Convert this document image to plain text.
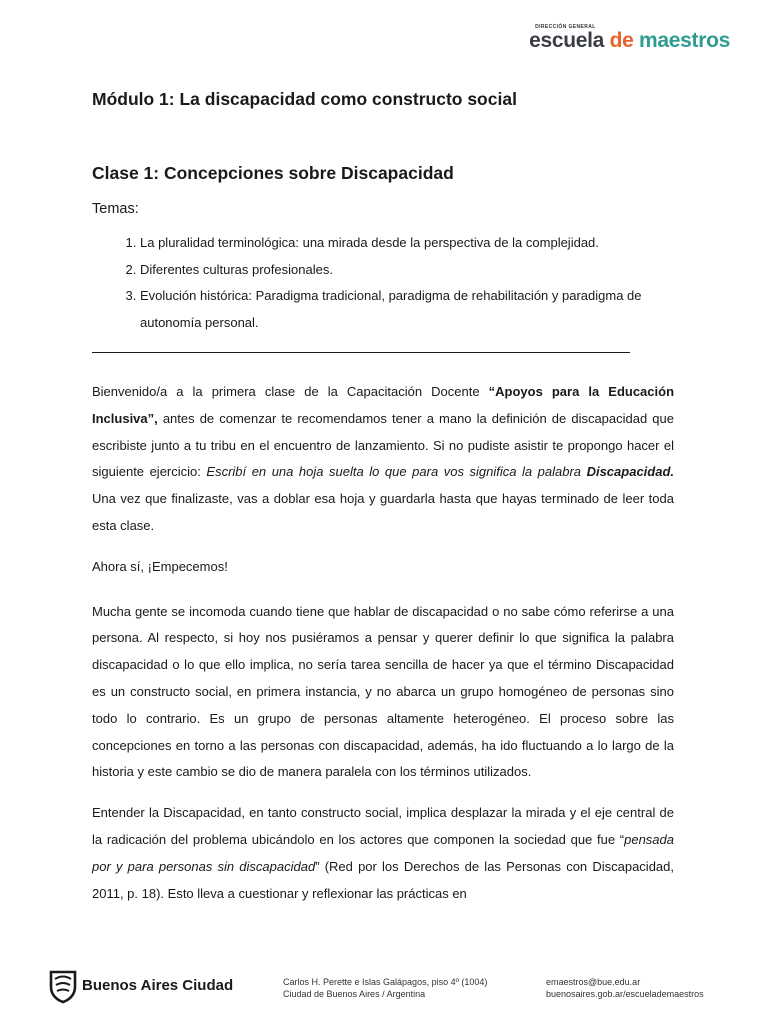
DIRECCIÓN GENERAL
escuela de maestros
Módulo 1: La discapacidad como constructo social
Clase 1: Concepciones sobre Discapacidad
Temas:
1. La pluralidad terminológica: una mirada desde la perspectiva de la complejidad.
2. Diferentes culturas profesionales.
3. Evolución histórica: Paradigma tradicional, paradigma de rehabilitación y paradigma de autonomía personal.

Bienvenido/a a la primera clase de la Capacitación Docente “Apoyos para la Educación Inclusiva”, antes de comenzar te recomendamos tener a mano la definición de discapacidad que escribiste junto a tu tribu en el encuentro de lanzamiento. Si no pudiste asistir te propongo hacer el siguiente ejercicio: Escribí en una hoja suelta lo que para vos significa la palabra Discapacidad. Una vez que finalizaste, vas a doblar esa hoja y guardarla hasta que hayas terminado de leer toda esta clase.

Ahora sí, ¡Empecemos!

Mucha gente se incomoda cuando tiene que hablar de discapacidad o no sabe cómo referirse a una persona. Al respecto, si hoy nos pusiéramos a pensar y querer definir lo que significa la palabra discapacidad o lo que ello implica, no sería tarea sencilla de hacer ya que el término Discapacidad es un constructo social, en primera instancia, y no abarca un grupo homogéneo de personas sino todo lo contrario. Es un grupo de personas altamente heterogéneo. El proceso sobre las concepciones en torno a las personas con discapacidad, además, ha ido fluctuando a lo largo de la historia y este cambio se dio de manera paralela con los términos utilizados.

Entender la Discapacidad, en tanto constructo social, implica desplazar la mirada y el eje central de la radicación del problema ubicándolo en los actores que componen la sociedad que fue “pensada por y para personas sin discapacidad” (Red por los Derechos de las Personas con Discapacidad, 2011, p. 18). Esto lleva a cuestionar y reflexionar las prácticas en

Buenos Aires Ciudad	Carlos H. Perette e Islas Galápagos, piso 4º (1004)
Ciudad de Buenos Aires / Argentina
emaestros@bue.edu.ar
buenosaires.gob.ar/escuelademaestros
